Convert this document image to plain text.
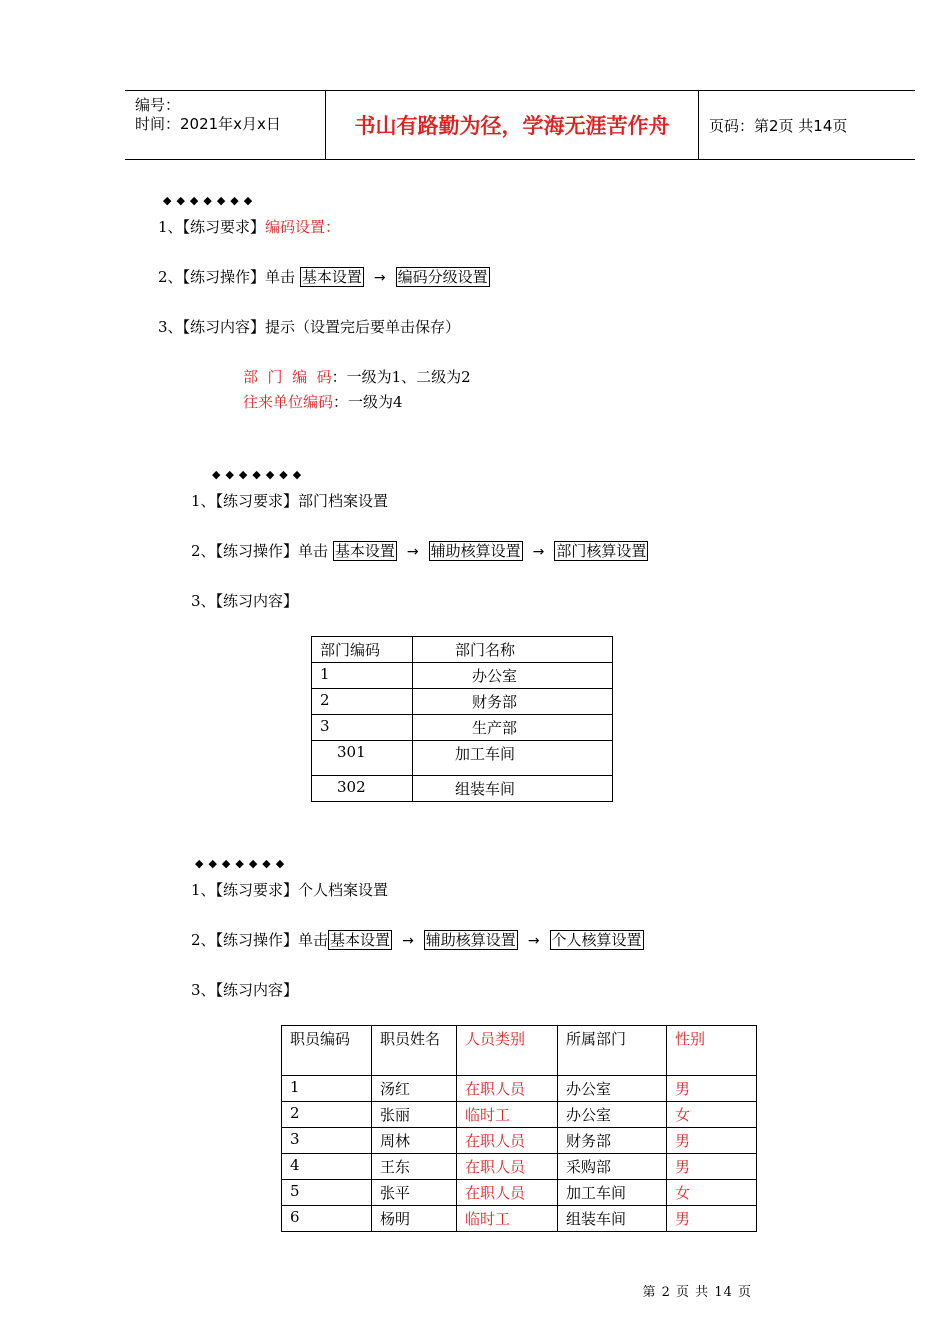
编号：
时间：2021年x月x日	书山有路勤为径，学海无涯苦作舟	页码：第2页 共14页
◆◆◆◆◆◆◆
1、【练习要求】编码设置：
2、【练习操作】单击 基本设置 → 编码分级设置
3、【练习内容】提示（设置完后要单击保存）
部  门  编  码：一级为1、二级为2
往来单位编码：一级为4
◆◆◆◆◆◆◆
1、【练习要求】部门档案设置
2、【练习操作】单击 基本设置 → 辅助核算设置 → 部门核算设置
3、【练习内容】
部门编码	部门名称
1	办公室
2	财务部
3	生产部
301	加工车间
302	组装车间
◆◆◆◆◆◆◆
1、【练习要求】个人档案设置
2、【练习操作】单击 基本设置 → 辅助核算设置 → 个人核算设置
3、【练习内容】
职员编码	职员姓名	人员类别	所属部门	性别
1	汤红	在职人员	办公室	男
2	张丽	临时工	办公室	女
3	周林	在职人员	财务部	男
4	王东	在职人员	采购部	男
5	张平	在职人员	加工车间	女
6	杨明	临时工	组装车间	男
第 2 页 共 14 页
